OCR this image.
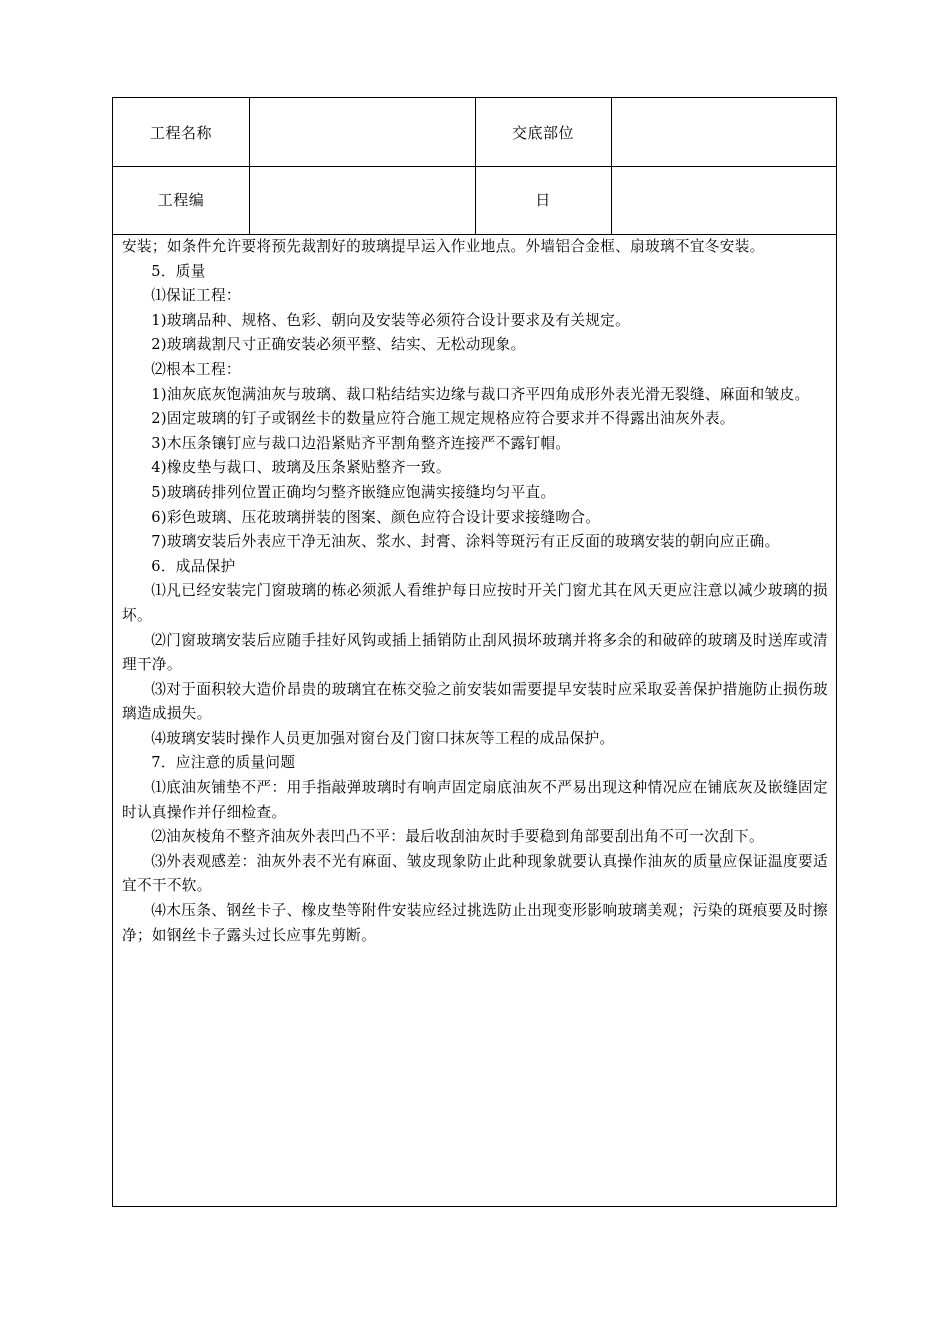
工程名称	交底部位
工程编	日

安装；如条件允许要将预先裁割好的玻璃提早运入作业地点。外墙铝合金框、扇玻璃不宜冬安装。

5．质量

⑴保证工程：

1)玻璃品种、规格、色彩、朝向及安装等必须符合设计要求及有关规定。

2)玻璃裁割尺寸正确安装必须平整、结实、无松动现象。

⑵根本工程：

1)油灰底灰饱满油灰与玻璃、裁口粘结结实边缘与裁口齐平四角成形外表光滑无裂缝、麻面和皱皮。

2)固定玻璃的钉子或钢丝卡的数量应符合施工规定规格应符合要求并不得露出油灰外表。

3)木压条镶钉应与裁口边沿紧贴齐平割角整齐连接严不露钉帽。

4)橡皮垫与裁口、玻璃及压条紧贴整齐一致。

5)玻璃砖排列位置正确均匀整齐嵌缝应饱满实接缝均匀平直。

6)彩色玻璃、压花玻璃拼装的图案、颜色应符合设计要求接缝吻合。

7)玻璃安装后外表应干净无油灰、浆水、封膏、涂料等斑污有正反面的玻璃安装的朝向应正确。

6．成品保护

⑴凡已经安装完门窗玻璃的栋必须派人看维护每日应按时开关门窗尤其在风天更应注意以减少玻璃的损坏。

⑵门窗玻璃安装后应随手挂好风钩或插上插销防止刮风损坏玻璃并将多余的和破碎的玻璃及时送库或清理干净。

⑶对于面积较大造价昂贵的玻璃宜在栋交验之前安装如需要提早安装时应采取妥善保护措施防止损伤玻璃造成损失。

⑷玻璃安装时操作人员更加强对窗台及门窗口抹灰等工程的成品保护。

7．应注意的质量问题

⑴底油灰铺垫不严：用手指敲弹玻璃时有响声固定扇底油灰不严易出现这种情况应在铺底灰及嵌缝固定时认真操作并仔细检查。

⑵油灰棱角不整齐油灰外表凹凸不平：最后收刮油灰时手要稳到角部要刮出角不可一次刮下。

⑶外表观感差：油灰外表不光有麻面、皱皮现象防止此种现象就要认真操作油灰的质量应保证温度要适宜不干不软。

⑷木压条、钢丝卡子、橡皮垫等附件安装应经过挑选防止出现变形影响玻璃美观；污染的斑痕要及时擦净；如钢丝卡子露头过长应事先剪断。
